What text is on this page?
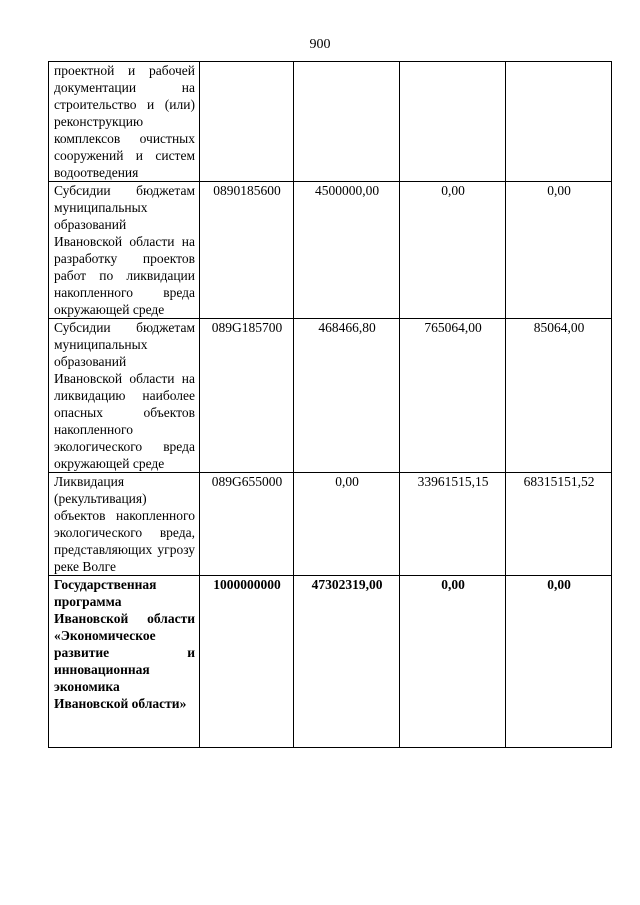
900
проектной и рабочей документации на строительство и (или) реконструкцию комплексов очистных сооружений и систем водоотведения				
Субсидии бюджетам муниципальных образований Ивановской области на разработку проектов работ по ликвидации накопленного вреда окружающей среде	0890185600	4500000,00	0,00	0,00
Субсидии бюджетам муниципальных образований Ивановской области на ликвидацию наиболее опасных объектов накопленного экологического вреда окружающей среде	089G185700	468466,80	765064,00	85064,00
Ликвидация (рекультивация) объектов накопленного экологического вреда, представляющих угрозу реке Волге	089G655000	0,00	33961515,15	68315151,52
Государственная программа Ивановской области «Экономическое развитие и инновационная экономика Ивановской области»	1000000000	47302319,00	0,00	0,00
